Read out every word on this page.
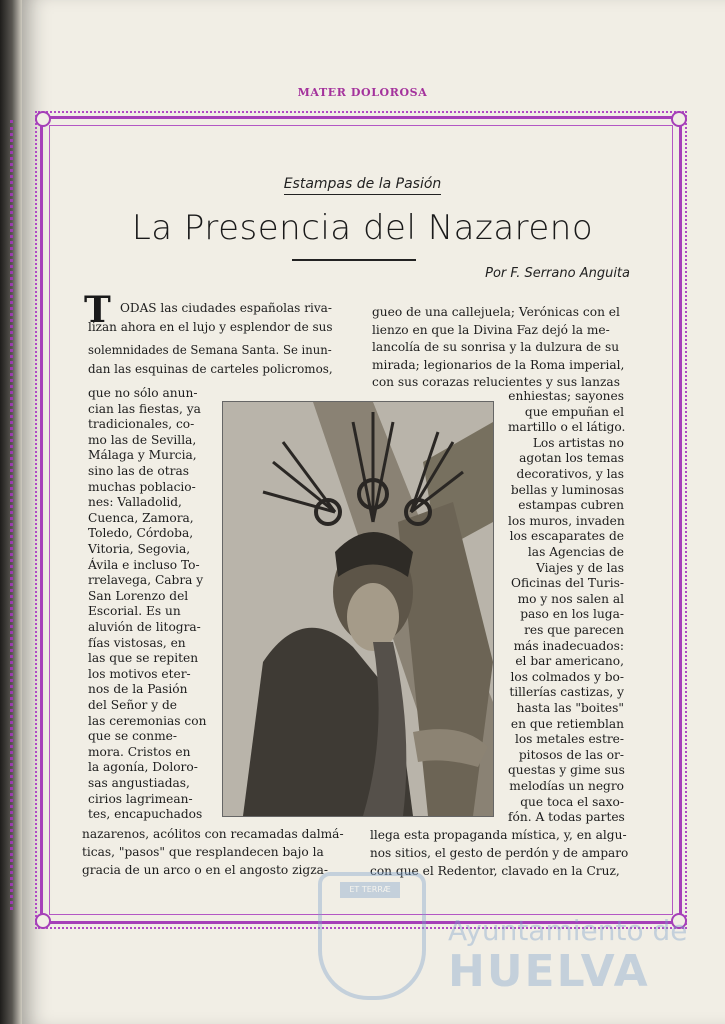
MATER DOLOROSA
Estampas de la Pasión
La Presencia del Nazareno
Por F. Serrano Anguita
T ODAS las ciudades españolas riva-
lizan ahora en el lujo y esplendor de sus
solemnidades de Semana Santa. Se inun-
dan las esquinas de carteles policromos,
gueo de una callejuela; Verónicas con el
lienzo en que la Divina Faz dejó la me-
lancolía de su sonrisa y la dulzura de su
mirada; legionarios de la Roma imperial,
con sus corazas relucientes y sus lanzas
que no sólo anun-
cian las fiestas, ya
tradicionales, co-
mo las de Sevilla,
Málaga y Murcia,
sino las de otras
muchas poblacio-
nes: Valladolid,
Cuenca, Zamora,
Toledo, Córdoba,
Vitoria, Segovia,
Ávila e incluso To-
rrelavega, Cabra y
San Lorenzo del
Escorial. Es un
aluvión de litogra-
fías vistosas, en
las que se repiten
los motivos eter-
nos de la Pasión
del Señor y de
las ceremonias con
que se conme-
mora. Cristos en
la agonía, Doloro-
sas angustiadas,
cirios lagrimean-
tes, encapuchados
enhiestas; sayones
que empuñan el
martillo o el látigo.
Los artistas no
agotan los temas
decorativos, y las
bellas y luminosas
estampas cubren
los muros, invaden
los escaparates de
las Agencias de
Viajes y de las
Oficinas del Turis-
mo y nos salen al
paso en los luga-
res que parecen
más inadecuados:
el bar americano,
los colmados y bo-
tillerías castizas, y
hasta las "boites"
en que retiemblan
los metales estre-
pitosos de las or-
questas y gime sus
melodías un negro
que toca el saxo-
fón. A todas partes
nazarenos, acólitos con recamadas dalmá-
ticas, "pasos" que resplandecen bajo la
gracia de un arco o en el angosto zigza-
llega esta propaganda mística, y, en algu-
nos sitios, el gesto de perdón y de amparo
con que el Redentor, clavado en la Cruz,
ET TERRÆ
Ayuntamiento de
HUELVA
